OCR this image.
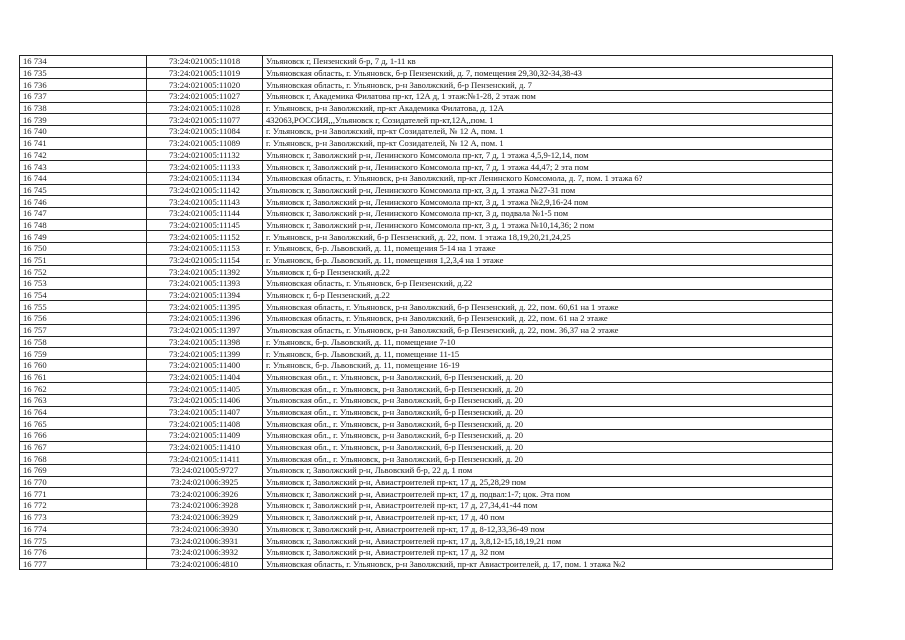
16 734	73:24:021005:11018	Ульяновск г, Пензенский б-р, 7 д, 1-11 кв
16 735	73:24:021005:11019	Ульяновская область, г. Ульяновск, б-р Пензенский, д. 7, помещения 29,30,32-34,38-43
16 736	73:24:021005:11020	Ульяновская область, г. Ульяновск, р-н Заволжский, б-р Пензенский, д. 7
16 737	73:24:021005:11027	Ульяновск г, Академика Филатова пр-кт, 12А д, 1 этаж:№1-28, 2 этаж пом
16 738	73:24:021005:11028	г. Ульяновск, р-н Заволжский, пр-кт Академика Филатова, д. 12А
16 739	73:24:021005:11077	432063,РОССИЯ,,,Ульяновск г, Созидателей пр-кт,12А,,пом. 1
16 740	73:24:021005:11084	г. Ульяновск, р-н Заволжский, пр-кт Созидателей, № 12 А, пом. 1
16 741	73:24:021005:11089	г. Ульяновск, р-н Заволжский, пр-кт Созидателей, № 12 А, пом. 1
16 742	73:24:021005:11132	Ульяновск г, Заволжский р-н, Ленинского Комсомола пр-кт, 7 д, 1 этажа 4,5,9-12,14, пом
16 743	73:24:021005:11133	Ульяновск г, Заволжский р-н, Ленинского Комсомола пр-кт, 7 д, 1 этажа 44,47; 2 эта пом
16 744	73:24:021005:11134	Ульяновская область, г. Ульяновск, р-н Заволжский, пр-кт Ленинского Комсомола, д. 7, пом. 1 этажа 6?
16 745	73:24:021005:11142	Ульяновск г, Заволжский р-н, Ленинского Комсомола пр-кт, 3 д, 1 этажа №27-31 пом
16 746	73:24:021005:11143	Ульяновск г, Заволжский р-н, Ленинского Комсомола пр-кт, 3 д, 1 этажа №2,9,16-24 пом
16 747	73:24:021005:11144	Ульяновск г, Заволжский р-н, Ленинского Комсомола пр-кт, 3 д, подвала №1-5 пом
16 748	73:24:021005:11145	Ульяновск г, Заволжский р-н, Ленинского Комсомола пр-кт, 3 д, 1 этажа №10,14,36; 2 пом
16 749	73:24:021005:11152	г. Ульяновск, р-н Заволжский, б-р Пензенский, д. 22, пом. 1 этажа 18,19,20,21,24,25
16 750	73:24:021005:11153	г. Ульяновск, б-р. Львовский, д. 11, помещения 5-14 на 1 этаже
16 751	73:24:021005:11154	г. Ульяновск, б-р. Львовский, д. 11, помещения 1,2,3,4 на 1 этаже
16 752	73:24:021005:11392	Ульяновск г, б-р Пензенский, д.22
16 753	73:24:021005:11393	Ульяновская область, г. Ульяновск, б-р Пензенский, д.22
16 754	73:24:021005:11394	Ульяновск г, б-р Пензенский, д.22
16 755	73:24:021005:11395	Ульяновская область, г. Ульяновск, р-н Заволжский, б-р Пензенский, д. 22, пом. 60,61 на 1 этаже
16 756	73:24:021005:11396	Ульяновская область, г. Ульяновск, р-н Заволжский, б-р Пензенский, д. 22, пом. 61 на 2 этаже
16 757	73:24:021005:11397	Ульяновская область, г. Ульяновск, р-н Заволжский, б-р Пензенский, д. 22, пом. 36,37 на 2 этаже
16 758	73:24:021005:11398	г. Ульяновск, б-р. Львовский, д. 11, помещение 7-10
16 759	73:24:021005:11399	г. Ульяновск, б-р. Львовский, д. 11, помещение 11-15
16 760	73:24:021005:11400	г. Ульяновск, б-р. Львовский, д. 11, помещение 16-19
16 761	73:24:021005:11404	Ульяновская обл., г. Ульяновск, р-н Заволжский, б-р Пензенский, д. 20
16 762	73:24:021005:11405	Ульяновская обл., г. Ульяновск, р-н Заволжский, б-р Пензенский, д. 20
16 763	73:24:021005:11406	Ульяновская обл., г. Ульяновск, р-н Заволжский, б-р Пензенский, д. 20
16 764	73:24:021005:11407	Ульяновская обл., г. Ульяновск, р-н Заволжский, б-р Пензенский, д. 20
16 765	73:24:021005:11408	Ульяновская обл., г. Ульяновск, р-н Заволжский, б-р Пензенский, д. 20
16 766	73:24:021005:11409	Ульяновская обл., г. Ульяновск, р-н Заволжский, б-р Пензенский, д. 20
16 767	73:24:021005:11410	Ульяновская обл., г. Ульяновск, р-н Заволжский, б-р Пензенский, д. 20
16 768	73:24:021005:11411	Ульяновская обл., г. Ульяновск, р-н Заволжский, б-р Пензенский, д. 20
16 769	73:24:021005:9727	Ульяновск г, Заволжский р-н, Львовский б-р, 22 д, 1 пом
16 770	73:24:021006:3925	Ульяновск г, Заволжский р-н, Авиастроителей пр-кт, 17 д, 25,28,29 пом
16 771	73:24:021006:3926	Ульяновск г, Заволжский р-н, Авиастроителей пр-кт, 17 д, подвал:1-7; цок. Эта пом
16 772	73:24:021006:3928	Ульяновск г, Заволжский р-н, Авиастроителей пр-кт, 17 д, 27,34,41-44 пом
16 773	73:24:021006:3929	Ульяновск г, Заволжский р-н, Авиастроителей пр-кт, 17 д, 40 пом
16 774	73:24:021006:3930	Ульяновск г, Заволжский р-н, Авиастроителей пр-кт, 17 д, 8-12,33,36-49 пом
16 775	73:24:021006:3931	Ульяновск г, Заволжский р-н, Авиастроителей пр-кт, 17 д, 3,8,12-15,18,19,21 пом
16 776	73:24:021006:3932	Ульяновск г, Заволжский р-н, Авиастроителей пр-кт, 17 д, 32 пом
16 777	73:24:021006:4810	Ульяновская область, г. Ульяновск, р-н Заволжский, пр-кт Авиастроителей, д. 17, пом. 1 этажа №2
